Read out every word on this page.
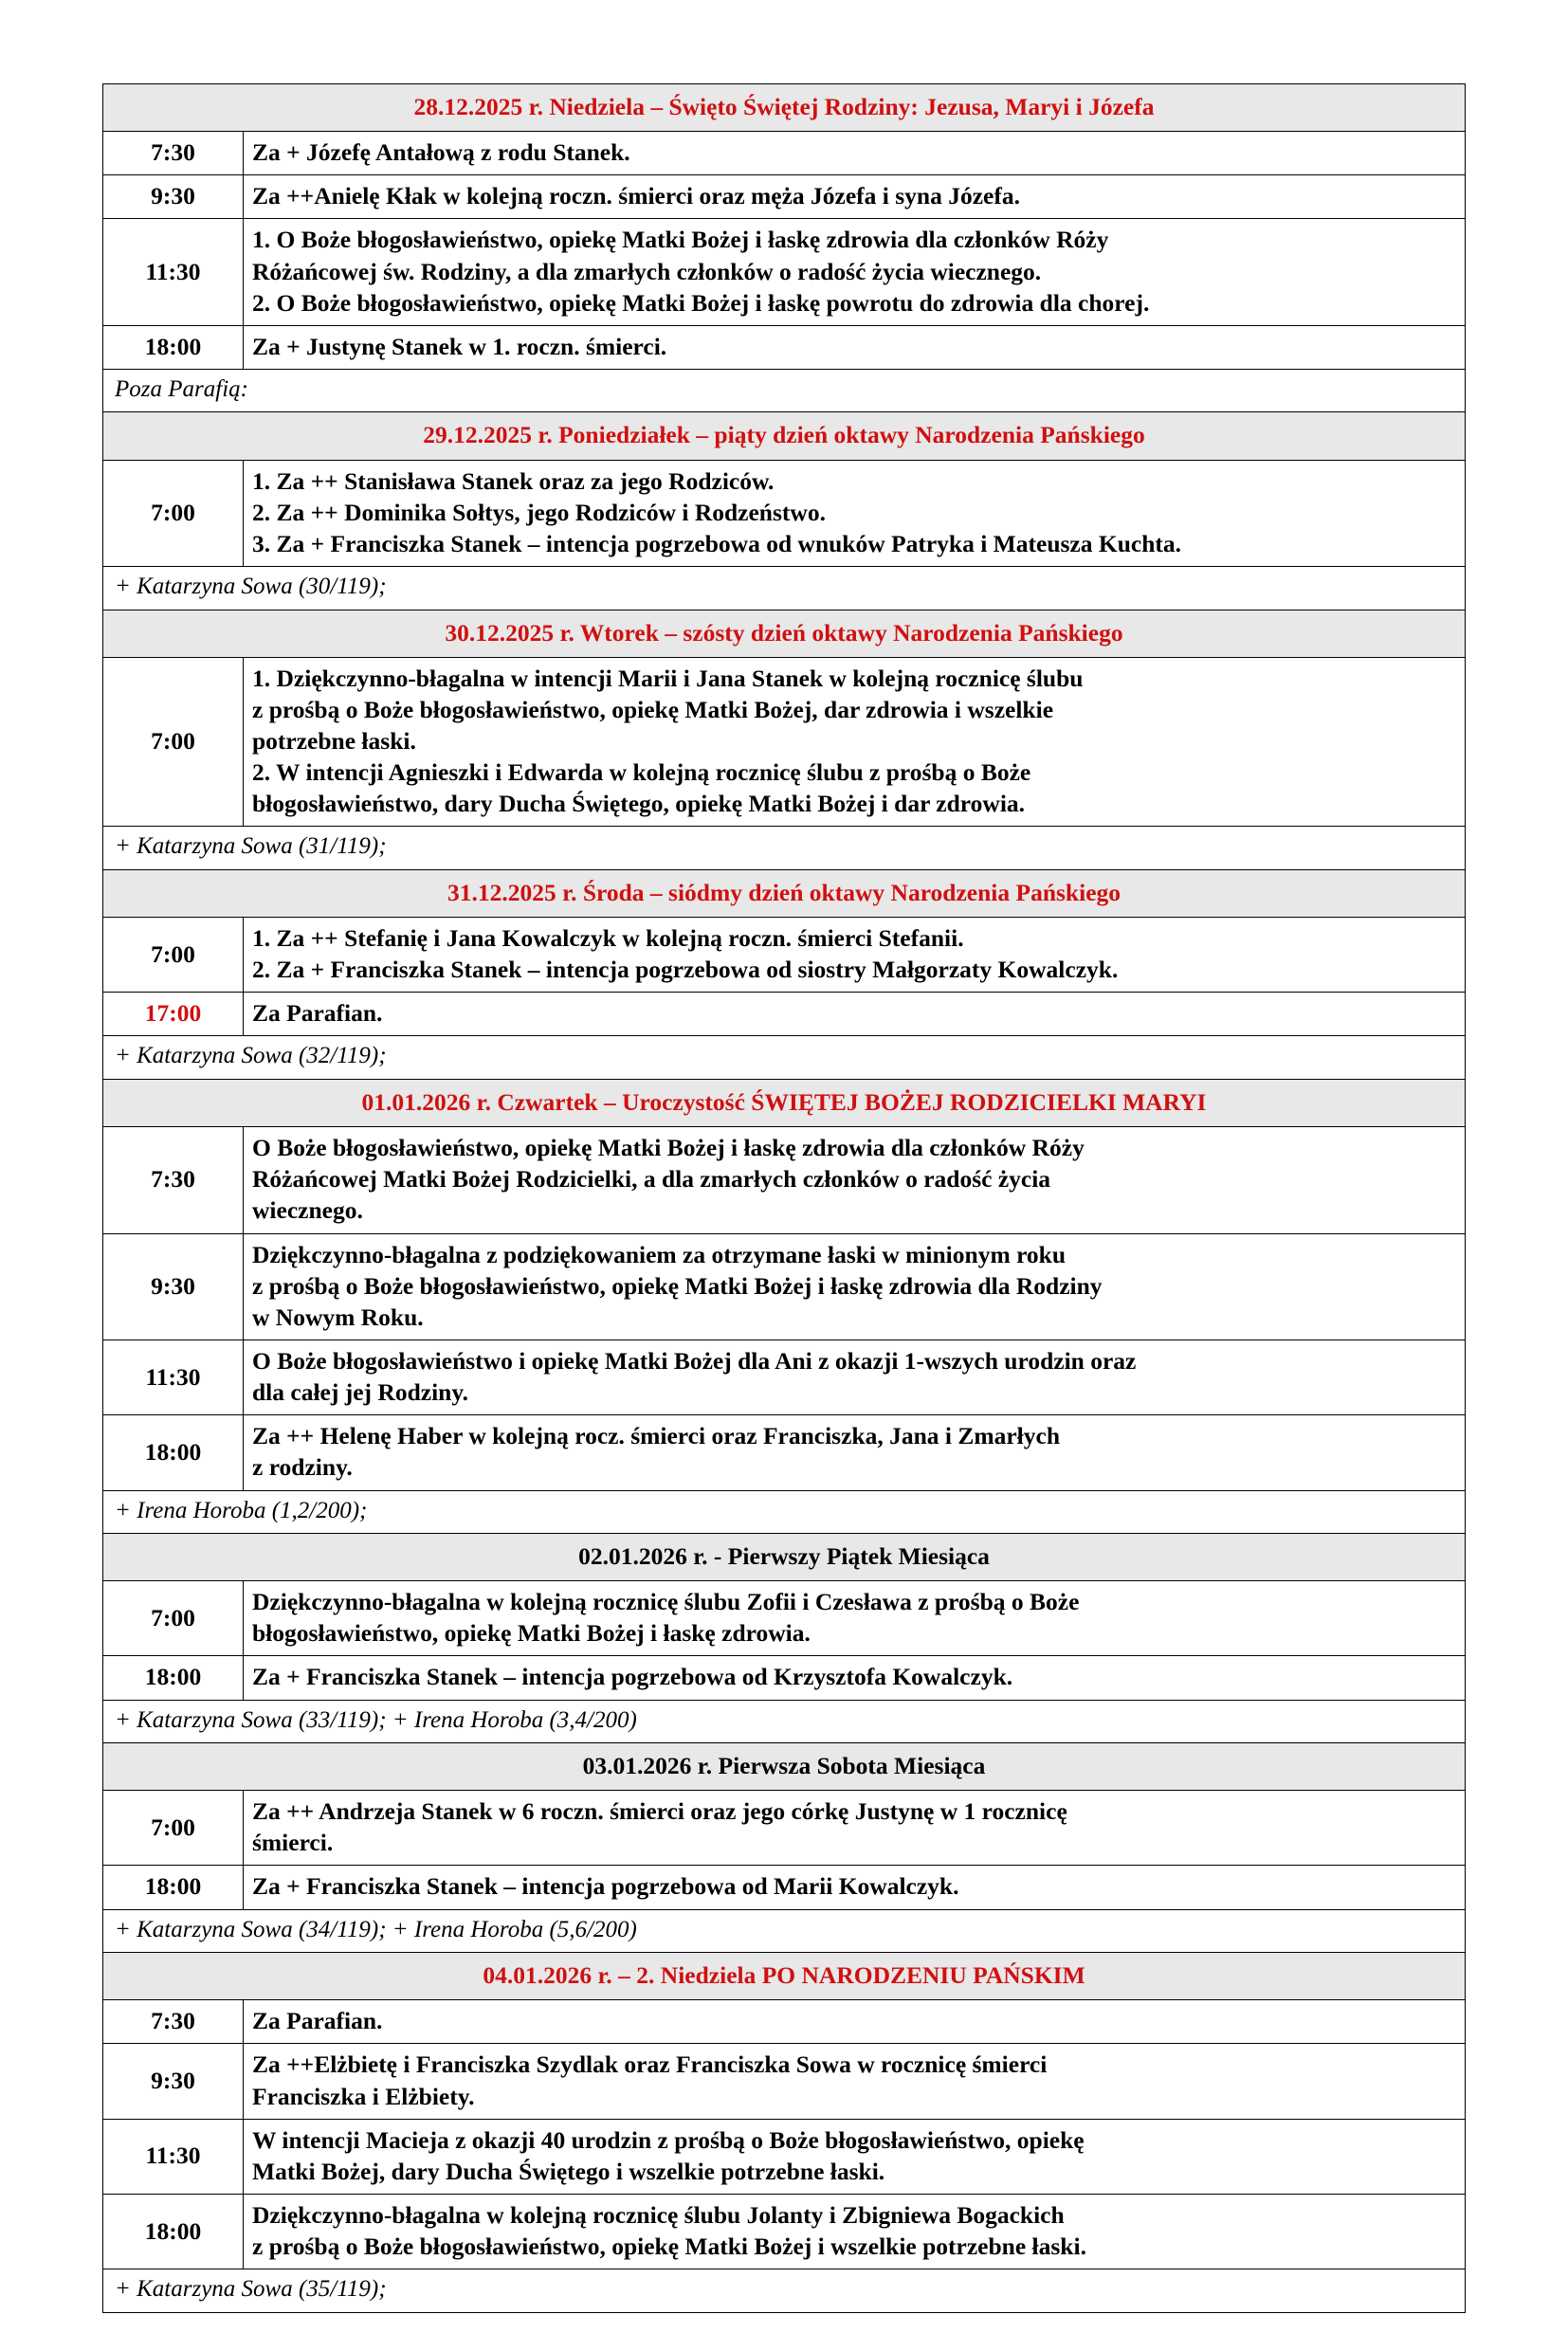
28.12.2025 r. Niedziela – Święto Świętej Rodziny: Jezusa, Maryi i Józefa	
7:30	Za + Józefę Antałową z rodu Stanek.

9:30	Za ++Anielę Kłak w kolejną roczn. śmierci oraz męża Józefa i syna Józefa.

11:30	1. O Boże błogosławieństwo, opiekę Matki Bożej i łaskę zdrowia dla członków Róży
Różańcowej św. Rodziny, a dla zmarłych członków o radość życia wiecznego.
2. O Boże błogosławieństwo, opiekę Matki Bożej i łaskę powrotu do zdrowia dla chorej.

18:00	Za + Justynę Stanek w 1. roczn. śmierci.

Poza Parafią:	
29.12.2025 r. Poniedziałek – piąty dzień oktawy Narodzenia Pańskiego	
7:00	1. Za ++ Stanisława Stanek oraz za jego Rodziców.
2. Za ++ Dominika Sołtys, jego Rodziców i Rodzeństwo.
3. Za + Franciszka Stanek – intencja pogrzebowa od wnuków Patryka i Mateusza Kuchta.

+ Katarzyna Sowa (30/119);	
30.12.2025 r. Wtorek – szósty dzień oktawy Narodzenia Pańskiego	
7:00	1. Dziękczynno-błagalna w intencji Marii i Jana Stanek w kolejną rocznicę ślubu
z prośbą o Boże błogosławieństwo, opiekę Matki Bożej, dar zdrowia i wszelkie
potrzebne łaski.
2. W intencji Agnieszki i Edwarda w kolejną rocznicę ślubu z prośbą o Boże
błogosławieństwo, dary Ducha Świętego, opiekę Matki Bożej i dar zdrowia.

+ Katarzyna Sowa (31/119);	
31.12.2025 r. Środa – siódmy dzień oktawy Narodzenia Pańskiego	
7:00	1. Za ++ Stefanię i Jana Kowalczyk w kolejną roczn. śmierci Stefanii.
2. Za + Franciszka Stanek – intencja pogrzebowa od siostry Małgorzaty Kowalczyk.

17:00	Za Parafian.

+ Katarzyna Sowa (32/119);	
01.01.2026 r. Czwartek – Uroczystość ŚWIĘTEJ BOŻEJ RODZICIELKI MARYI	
7:30	O Boże błogosławieństwo, opiekę Matki Bożej i łaskę zdrowia dla członków Róży
Różańcowej Matki Bożej Rodzicielki, a dla zmarłych członków o radość życia
wiecznego.

9:30	Dziękczynno-błagalna z podziękowaniem za otrzymane łaski w minionym roku
z prośbą o Boże błogosławieństwo, opiekę Matki Bożej i łaskę zdrowia dla Rodziny
w Nowym Roku.

11:30	O Boże błogosławieństwo i opiekę Matki Bożej dla Ani z okazji 1-wszych urodzin oraz
dla całej jej Rodziny.

18:00	Za ++ Helenę Haber w kolejną rocz. śmierci oraz Franciszka, Jana i Zmarłych
z rodziny.

+ Irena Horoba (1,2/200);	
02.01.2026 r. - Pierwszy Piątek Miesiąca	
7:00	Dziękczynno-błagalna w kolejną rocznicę ślubu Zofii i Czesława z prośbą o Boże
błogosławieństwo, opiekę Matki Bożej i łaskę zdrowia.

18:00	Za + Franciszka Stanek – intencja pogrzebowa od Krzysztofa Kowalczyk.

+ Katarzyna Sowa (33/119); + Irena Horoba (3,4/200)	
03.01.2026 r. Pierwsza Sobota Miesiąca	
7:00	Za ++ Andrzeja Stanek w 6 roczn. śmierci oraz jego córkę Justynę w 1 rocznicę
śmierci.

18:00	Za + Franciszka Stanek – intencja pogrzebowa od Marii Kowalczyk.

+ Katarzyna Sowa (34/119); + Irena Horoba (5,6/200)	
04.01.2026 r. – 2. Niedziela PO NARODZENIU PAŃSKIM	
7:30	Za Parafian.

9:30	Za ++Elżbietę i Franciszka Szydlak oraz Franciszka Sowa w rocznicę śmierci
Franciszka i Elżbiety.

11:30	W intencji Macieja z okazji 40 urodzin z prośbą o Boże błogosławieństwo, opiekę
Matki Bożej, dary Ducha Świętego i wszelkie potrzebne łaski.

18:00	Dziękczynno-błagalna w kolejną rocznicę ślubu Jolanty i Zbigniewa Bogackich
z prośbą o Boże błogosławieństwo, opiekę Matki Bożej i wszelkie potrzebne łaski.

+ Katarzyna Sowa (35/119);	
